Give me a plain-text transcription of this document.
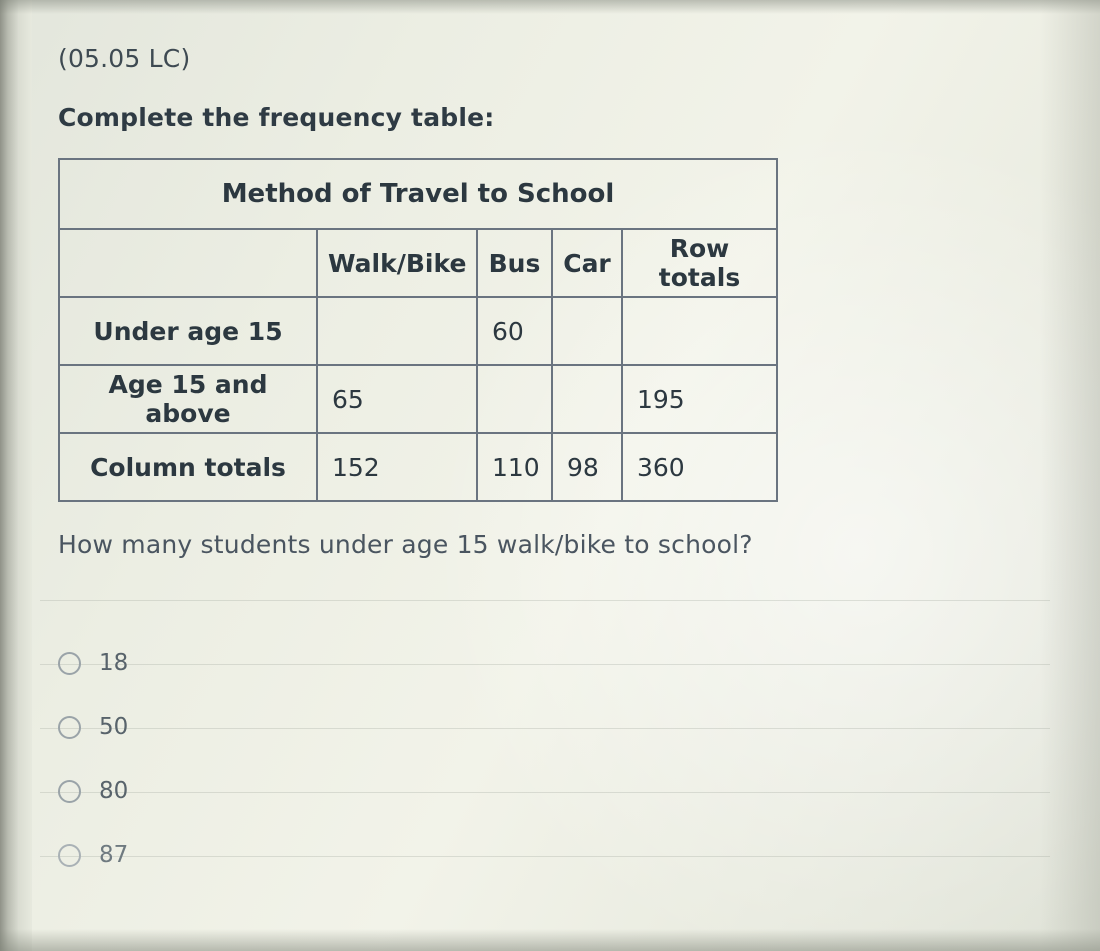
(05.05 LC)
Complete the frequency table:
Method of Travel to School				
	Walk/Bike	Bus	Car	Row totals
Under age 15		60		
Age 15 and above	65			195
Column totals	152	110	98	360
How many students under age 15 walk/bike to school?
18
50
80
87
